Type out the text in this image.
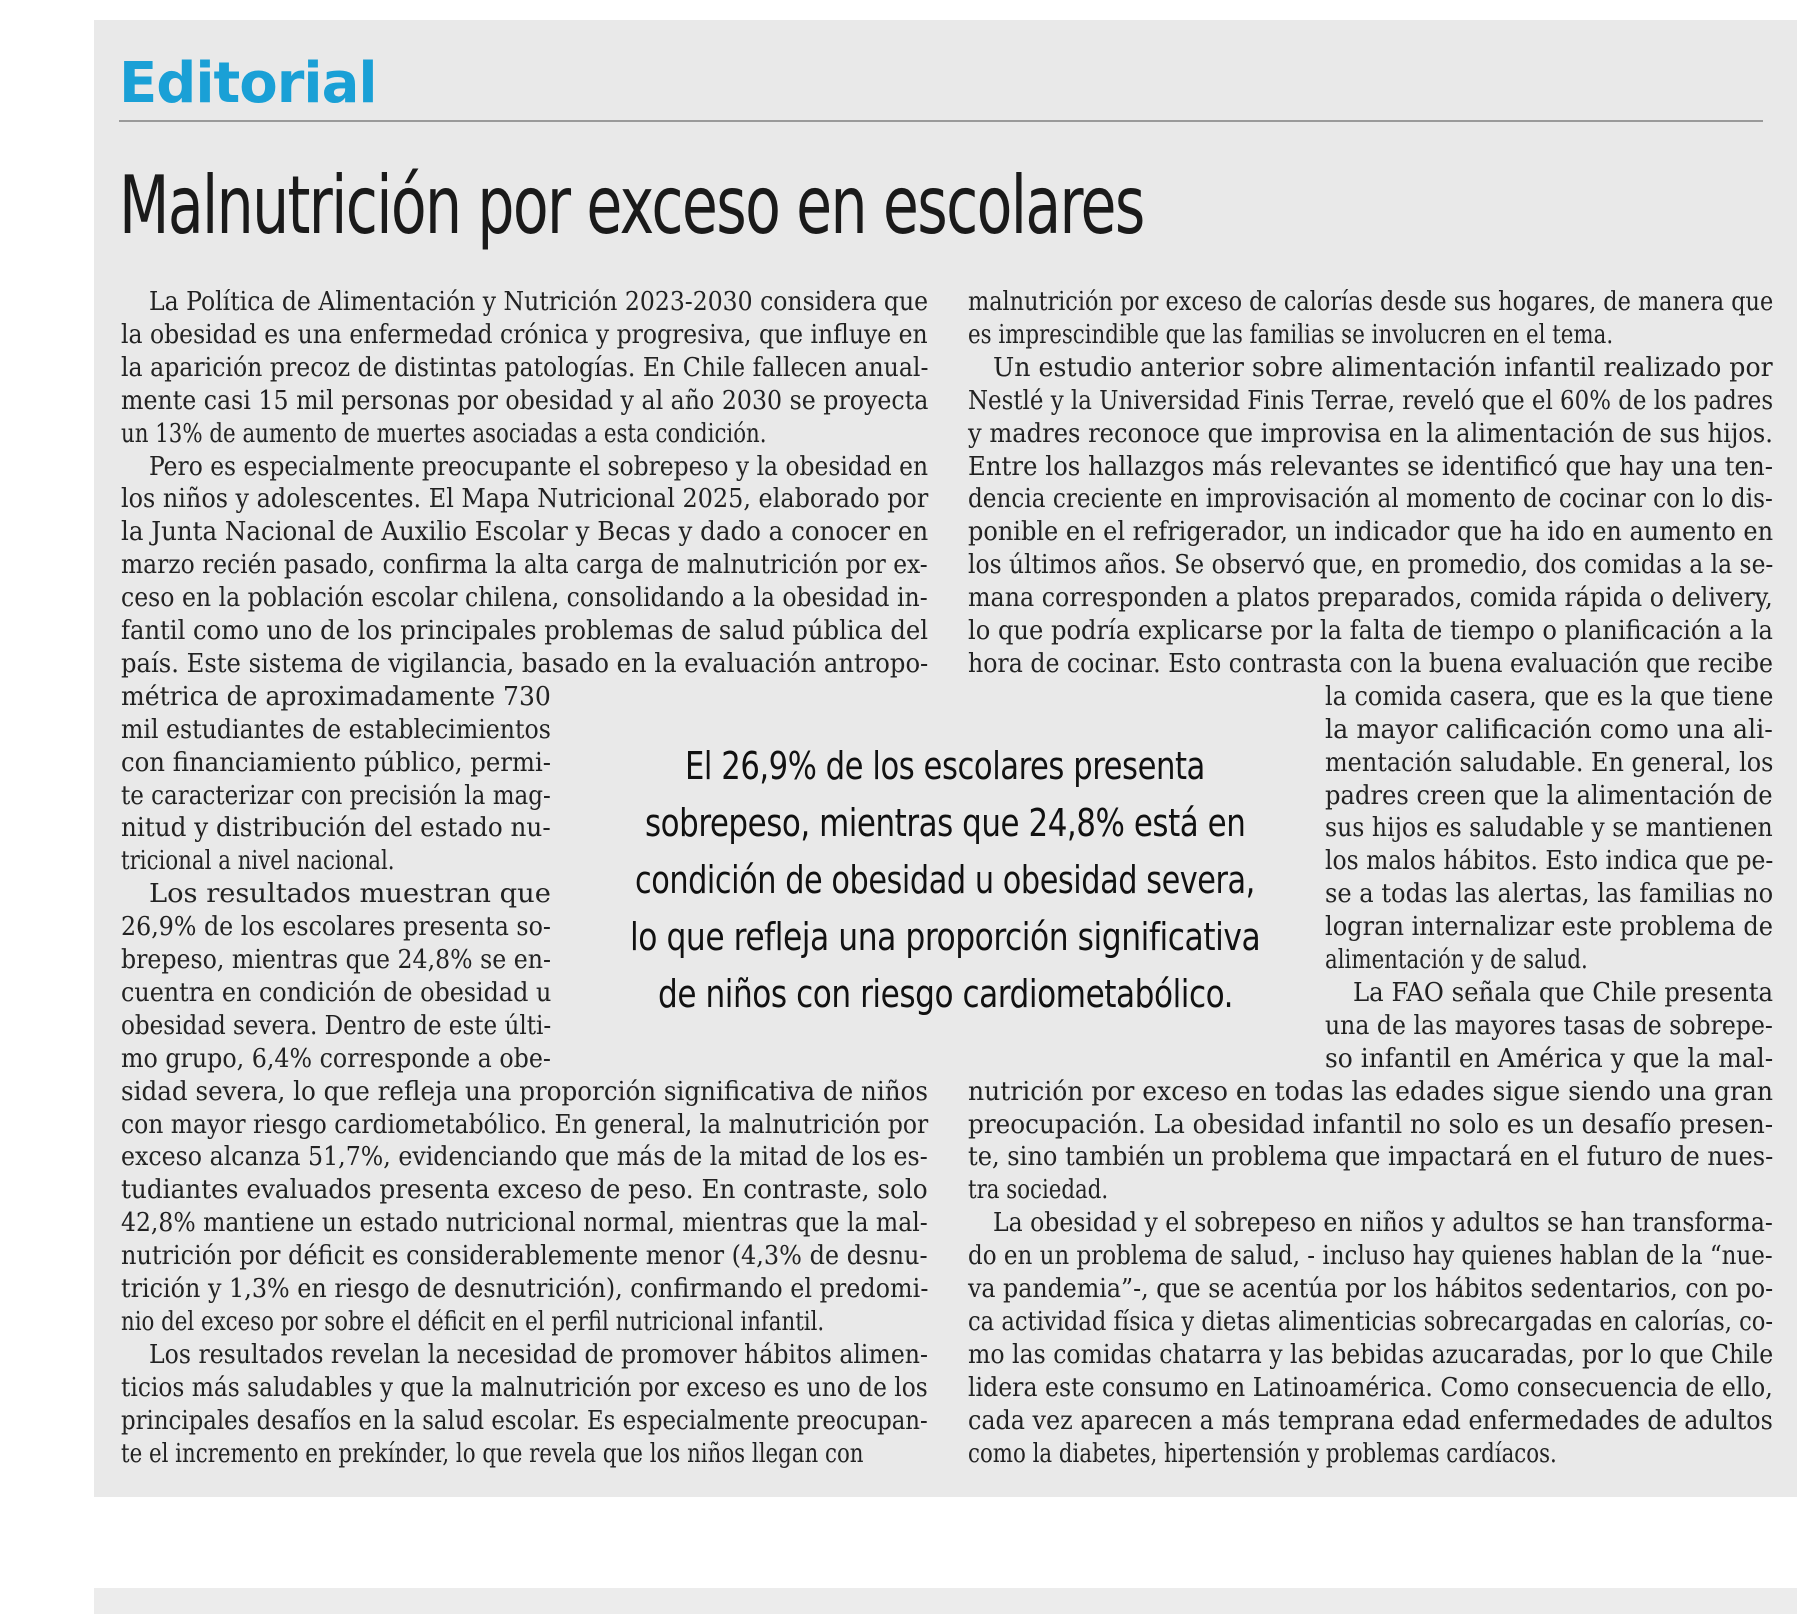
Editorial
Malnutrición por exceso en escolares
La Política de Alimentación y Nutrición 2023-2030 considera que
la obesidad es una enfermedad crónica y progresiva, que influye en
la aparición precoz de distintas patologías. En Chile fallecen anual-
mente casi 15 mil personas por obesidad y al año 2030 se proyecta
un 13% de aumento de muertes asociadas a esta condición.
Pero es especialmente preocupante el sobrepeso y la obesidad en
los niños y adolescentes. El Mapa Nutricional 2025, elaborado por
la Junta Nacional de Auxilio Escolar y Becas y dado a conocer en
marzo recién pasado, confirma la alta carga de malnutrición por ex-
ceso en la población escolar chilena, consolidando a la obesidad in-
fantil como uno de los principales problemas de salud pública del
país. Este sistema de vigilancia, basado en la evaluación antropo-
métrica de aproximadamente 730
mil estudiantes de establecimientos
con financiamiento público, permi-
te caracterizar con precisión la mag-
nitud y distribución del estado nu-
tricional a nivel nacional.
Los resultados muestran que
26,9% de los escolares presenta so-
brepeso, mientras que 24,8% se en-
cuentra en condición de obesidad u
obesidad severa. Dentro de este últi-
mo grupo, 6,4% corresponde a obe-
sidad severa, lo que refleja una proporción significativa de niños
con mayor riesgo cardiometabólico. En general, la malnutrición por
exceso alcanza 51,7%, evidenciando que más de la mitad de los es-
tudiantes evaluados presenta exceso de peso. En contraste, solo
42,8% mantiene un estado nutricional normal, mientras que la mal-
nutrición por déficit es considerablemente menor (4,3% de desnu-
trición y 1,3% en riesgo de desnutrición), confirmando el predomi-
nio del exceso por sobre el déficit en el perfil nutricional infantil.
Los resultados revelan la necesidad de promover hábitos alimen-
ticios más saludables y que la malnutrición por exceso es uno de los
principales desafíos en la salud escolar. Es especialmente preocupan-
te el incremento en prekínder, lo que revela que los niños llegan con
malnutrición por exceso de calorías desde sus hogares, de manera que
es imprescindible que las familias se involucren en el tema.
Un estudio anterior sobre alimentación infantil realizado por
Nestlé y la Universidad Finis Terrae, reveló que el 60% de los padres
y madres reconoce que improvisa en la alimentación de sus hijos.
Entre los hallazgos más relevantes se identificó que hay una ten-
dencia creciente en improvisación al momento de cocinar con lo dis-
ponible en el refrigerador, un indicador que ha ido en aumento en
los últimos años. Se observó que, en promedio, dos comidas a la se-
mana corresponden a platos preparados, comida rápida o delivery,
lo que podría explicarse por la falta de tiempo o planificación a la
hora de cocinar. Esto contrasta con la buena evaluación que recibe
la comida casera, que es la que tiene
la mayor calificación como una ali-
mentación saludable. En general, los
padres creen que la alimentación de
sus hijos es saludable y se mantienen
los malos hábitos. Esto indica que pe-
se a todas las alertas, las familias no
logran internalizar este problema de
alimentación y de salud.
La FAO señala que Chile presenta
una de las mayores tasas de sobrepe-
so infantil en América y que la mal-
nutrición por exceso en todas las edades sigue siendo una gran
preocupación. La obesidad infantil no solo es un desafío presen-
te, sino también un problema que impactará en el futuro de nues-
tra sociedad.
La obesidad y el sobrepeso en niños y adultos se han transforma-
do en un problema de salud, - incluso hay quienes hablan de la “nue-
va pandemia”-, que se acentúa por los hábitos sedentarios, con po-
ca actividad física y dietas alimenticias sobrecargadas en calorías, co-
mo las comidas chatarra y las bebidas azucaradas, por lo que Chile
lidera este consumo en Latinoamérica. Como consecuencia de ello,
cada vez aparecen a más temprana edad enfermedades de adultos
como la diabetes, hipertensión y problemas cardíacos.
El 26,9% de los escolares presenta
sobrepeso, mientras que 24,8% está en
condición de obesidad u obesidad severa,
lo que refleja una proporción significativa
de niños con riesgo cardiometabólico.
